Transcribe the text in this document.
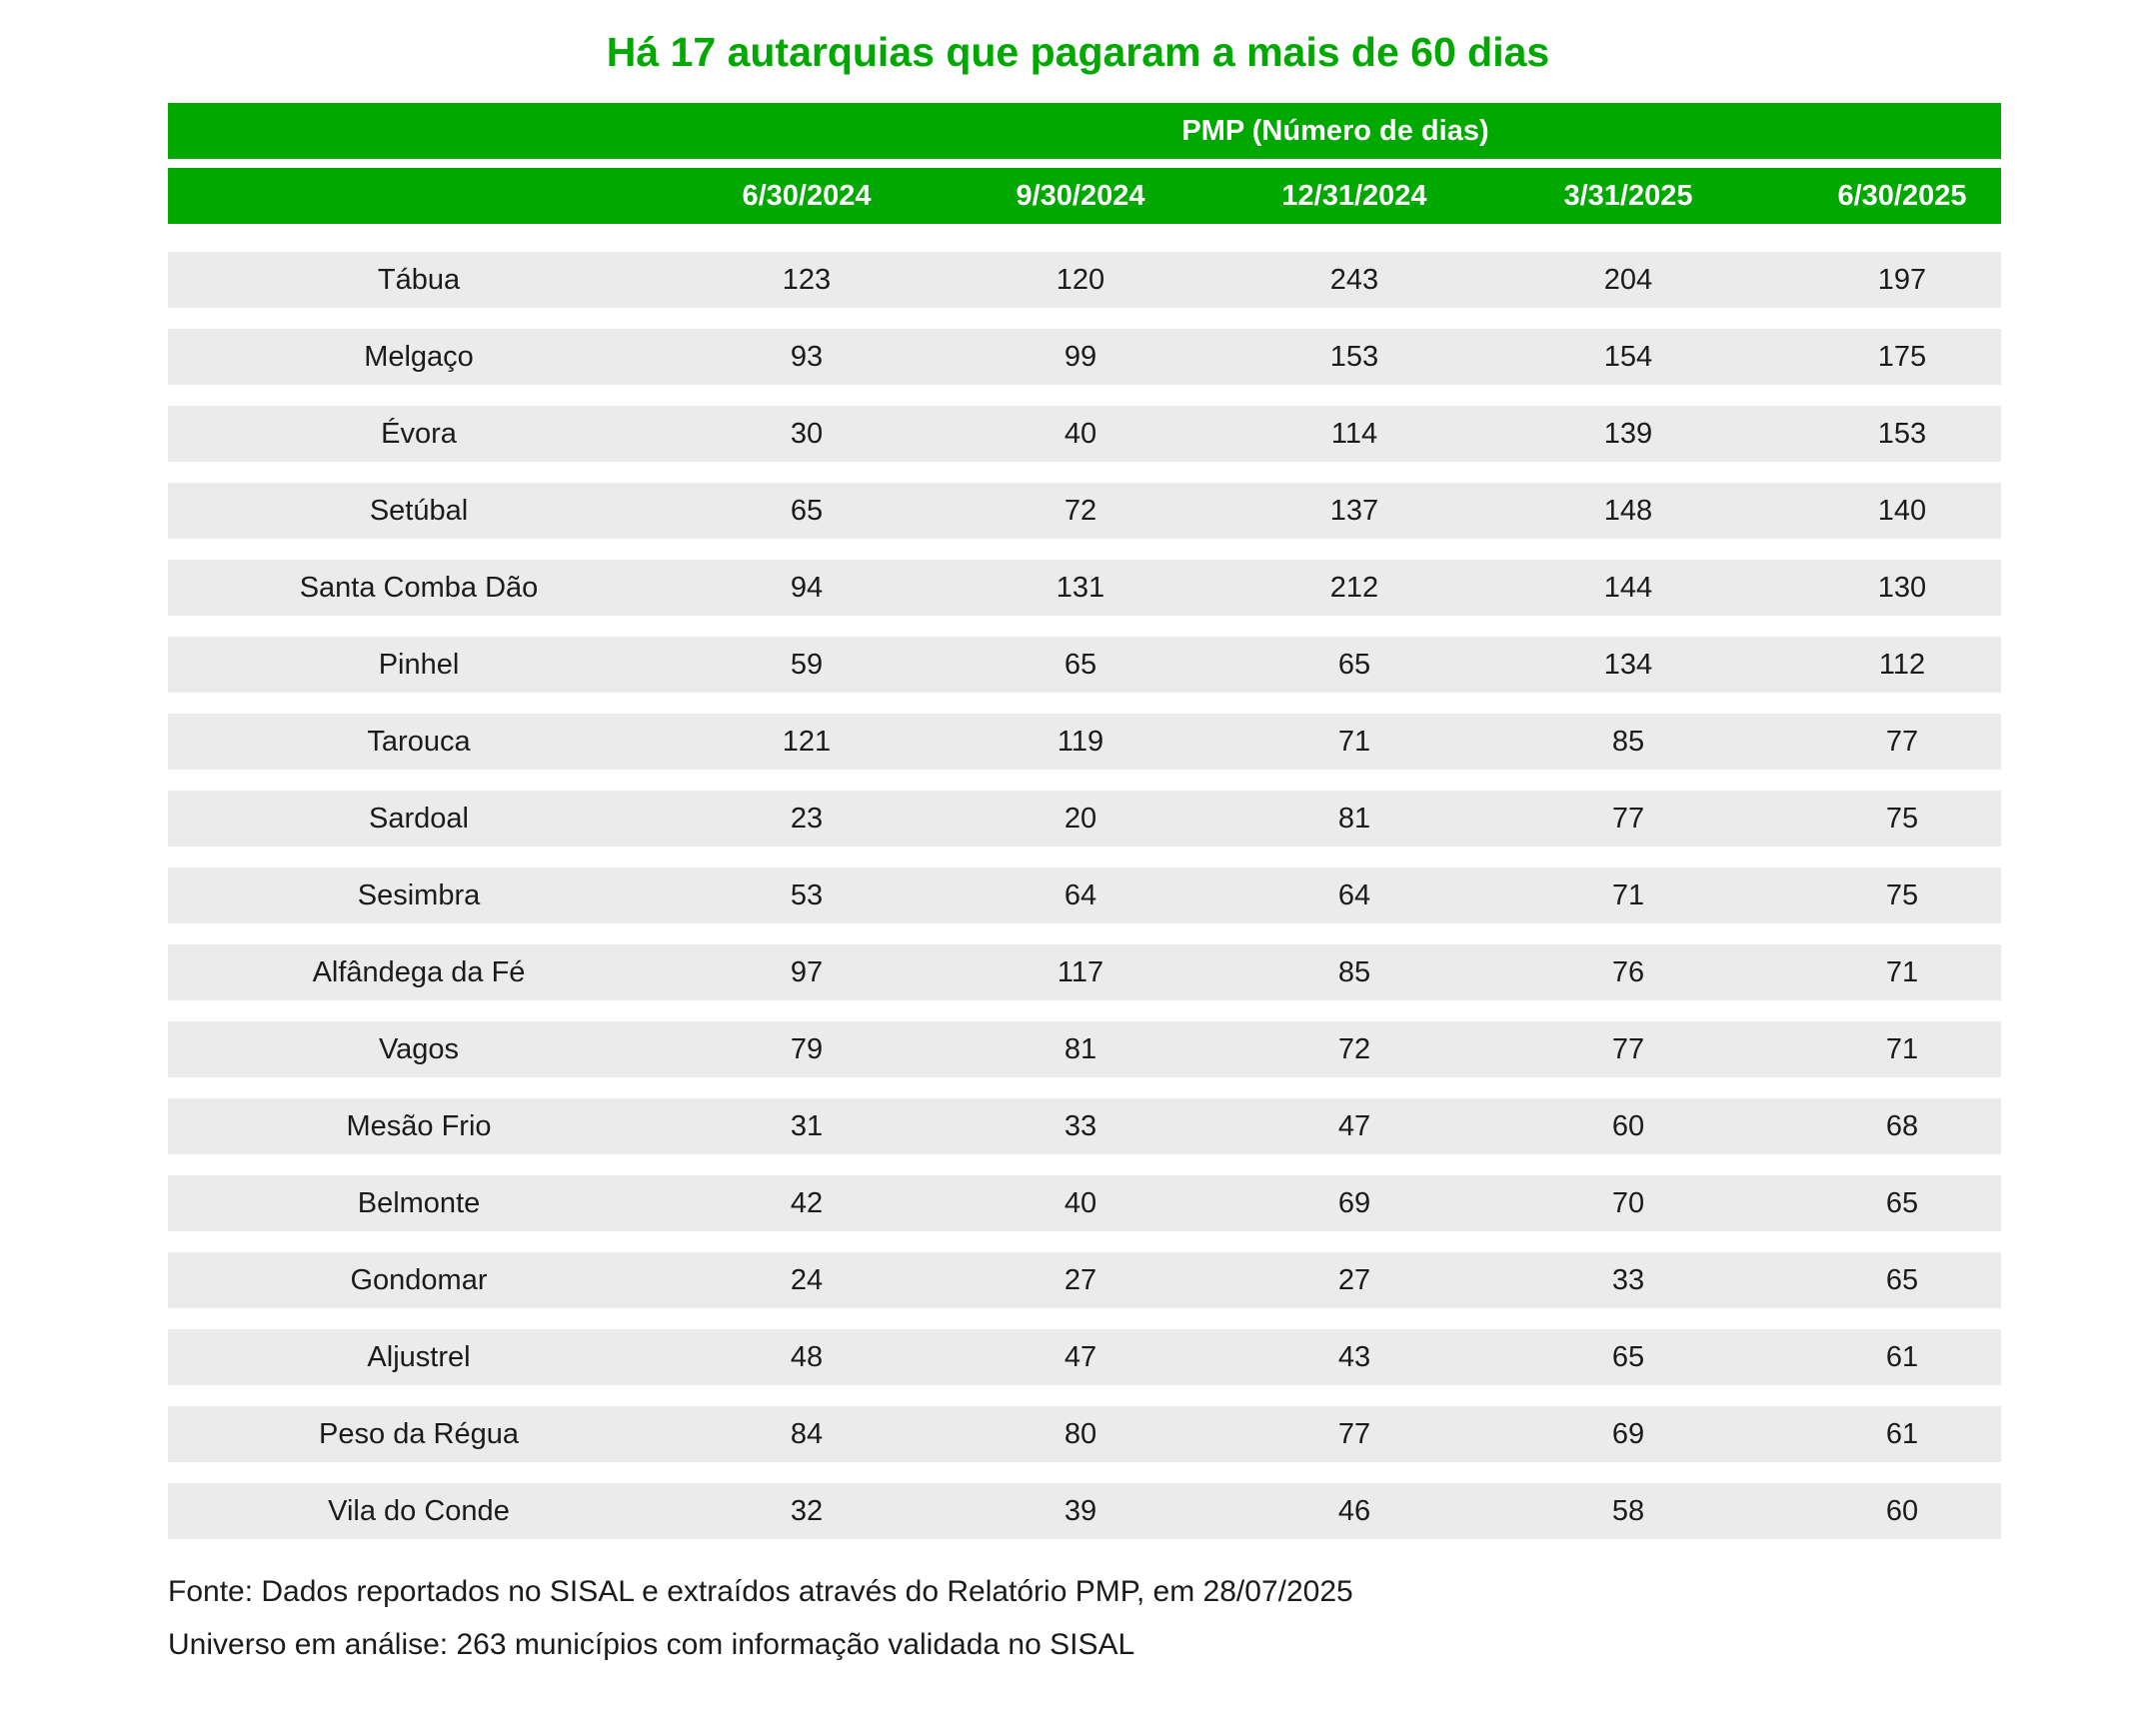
Há 17 autarquias que pagaram a mais de 60 dias
PMP (Número de dias)
6/30/2024	9/30/2024	12/31/2024	3/31/2025	6/30/2025
Tábua	123	120	243	204	197
Melgaço	93	99	153	154	175
Évora	30	40	114	139	153
Setúbal	65	72	137	148	140
Santa Comba Dão	94	131	212	144	130
Pinhel	59	65	65	134	112
Tarouca	121	119	71	85	77
Sardoal	23	20	81	77	75
Sesimbra	53	64	64	71	75
Alfândega da Fé	97	117	85	76	71
Vagos	79	81	72	77	71
Mesão Frio	31	33	47	60	68
Belmonte	42	40	69	70	65
Gondomar	24	27	27	33	65
Aljustrel	48	47	43	65	61
Peso da Régua	84	80	77	69	61
Vila do Conde	32	39	46	58	60

Fonte: Dados reportados no SISAL e extraídos através do Relatório PMP, em 28/07/2025

Universo em análise: 263 municípios com informação validada no SISAL
